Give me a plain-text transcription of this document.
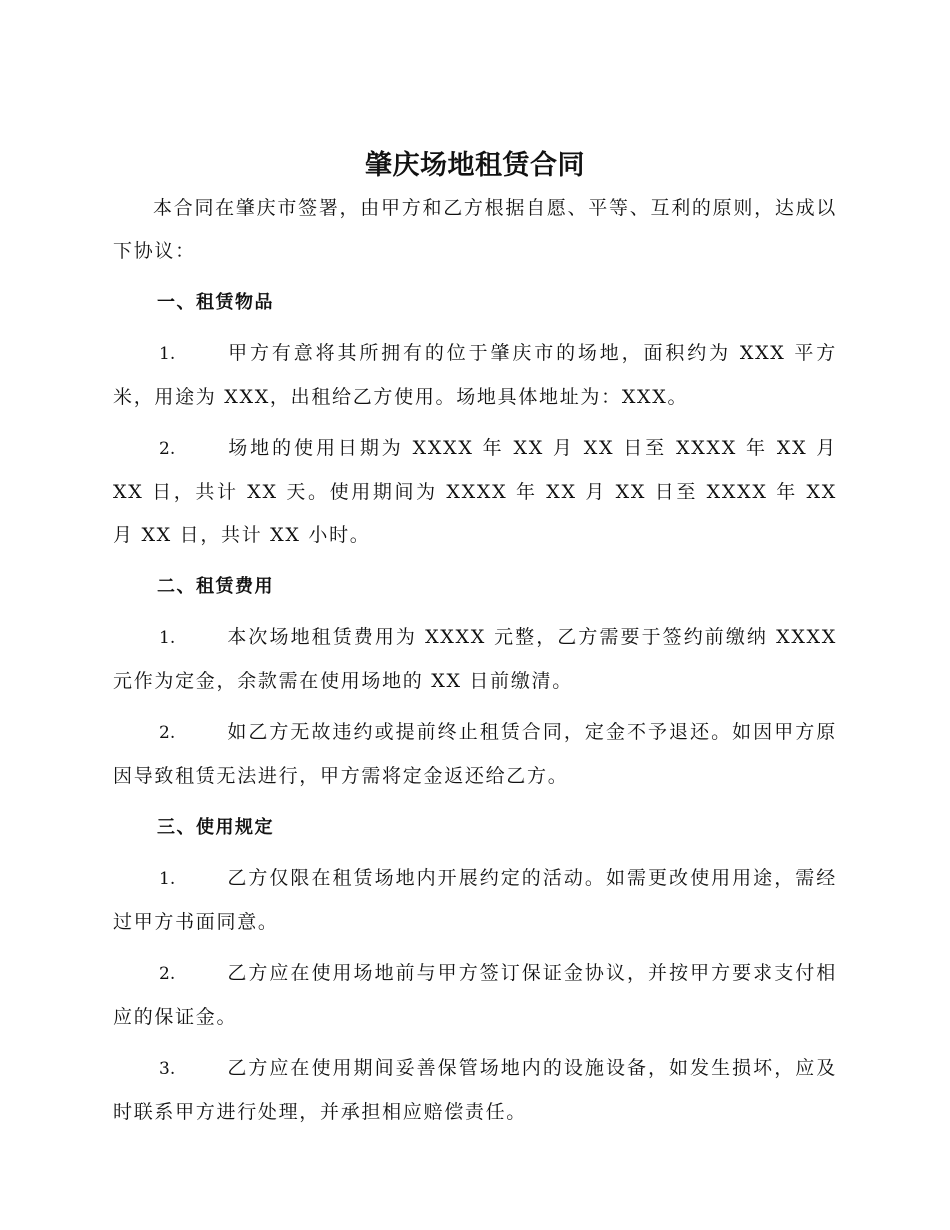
肇庆场地租赁合同

本合同在肇庆市签署，由甲方和乙方根据自愿、平等、互利的原则，达成以下协议：

一、租赁物品

1.	甲方有意将其所拥有的位于肇庆市的场地，面积约为 XXX 平方米，用途为 XXX，出租给乙方使用。场地具体地址为：XXX。

2.	场地的使用日期为 XXXX 年 XX 月 XX 日至 XXXX 年 XX 月 XX 日，共计 XX 天。使用期间为 XXXX 年 XX 月 XX 日至 XXXX 年 XX 月 XX 日，共计 XX 小时。

二、租赁费用

1.	本次场地租赁费用为 XXXX 元整，乙方需要于签约前缴纳 XXXX 元作为定金，余款需在使用场地的 XX 日前缴清。

2.	如乙方无故违约或提前终止租赁合同，定金不予退还。如因甲方原因导致租赁无法进行，甲方需将定金返还给乙方。

三、使用规定

1.	乙方仅限在租赁场地内开展约定的活动。如需更改使用用途，需经过甲方书面同意。

2.	乙方应在使用场地前与甲方签订保证金协议，并按甲方要求支付相应的保证金。

3.	乙方应在使用期间妥善保管场地内的设施设备，如发生损坏，应及时联系甲方进行处理，并承担相应赔偿责任。
